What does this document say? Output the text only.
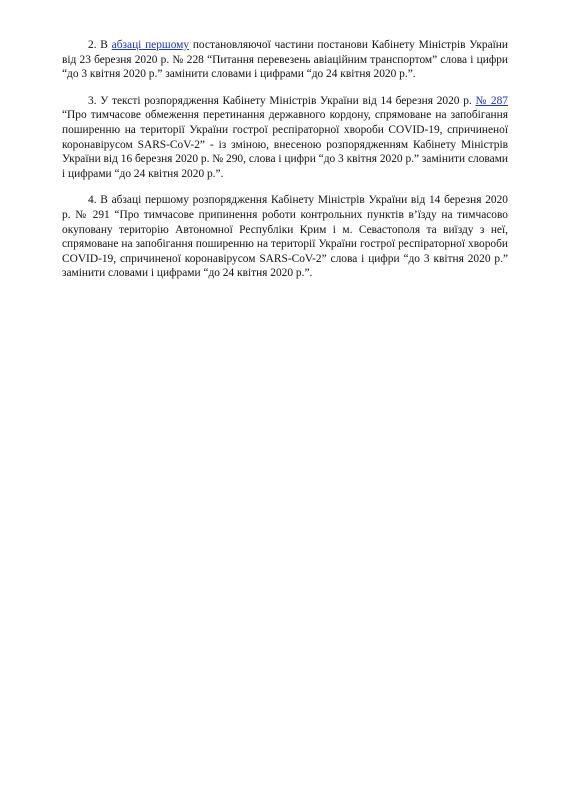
2. В абзаці першому постановляючої частини постанови Кабінету Міністрів України від 23 березня 2020 р. № 228 “Питання перевезень авіаційним транспортом” слова і цифри “до 3 квітня 2020 р.” замінити словами і цифрами “до 24 квітня 2020 р.”.

3. У тексті розпорядження Кабінету Міністрів України від 14 березня 2020 р. № 287 “Про тимчасове обмеження перетинання державного кордону, спрямоване на запобігання поширенню на території України гострої респіраторної хвороби COVID-19, спричиненої коронавірусом SARS-CoV-2” - із зміною, внесеною розпорядженням Кабінету Міністрів України від 16 березня 2020 р. № 290, слова і цифри “до 3 квітня 2020 р.” замінити словами і цифрами “до 24 квітня 2020 р.”.

4. В абзаці першому розпорядження Кабінету Міністрів України від 14 березня 2020 р. № 291 “Про тимчасове припинення роботи контрольних пунктів в’їзду на тимчасово окуповану територію Автономної Республіки Крим і м. Севастополя та виїзду з неї, спрямоване на запобігання поширенню на території України гострої респіраторної хвороби COVID-19, спричиненої коронавірусом SARS-CoV-2” слова і цифри “до 3 квітня 2020 р.” замінити словами і цифрами “до 24 квітня 2020 р.”.
